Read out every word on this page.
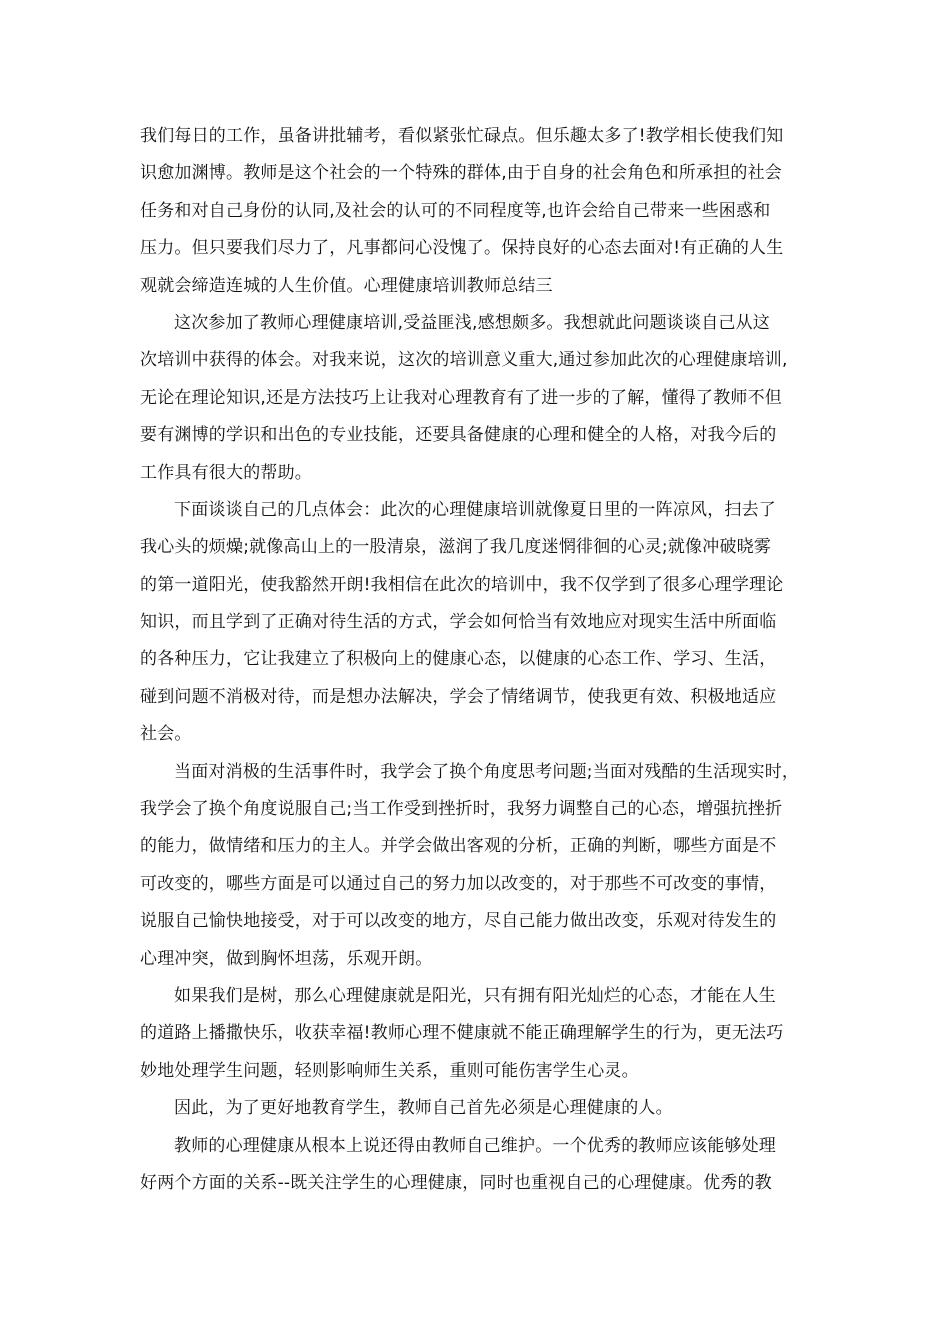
我们每日的工作，虽备讲批辅考，看似紧张忙碌点。但乐趣太多了!教学相长使我们知
识愈加渊博。教师是这个社会的一个特殊的群体,由于自身的社会角色和所承担的社会
任务和对自己身份的认同,及社会的认可的不同程度等,也许会给自己带来一些困惑和
压力。但只要我们尽力了，凡事都问心没愧了。保持良好的心态去面对!有正确的人生
观就会缔造连城的人生价值。心理健康培训教师总结三
这次参加了教师心理健康培训,受益匪浅,感想颇多。我想就此问题谈谈自己从这
次培训中获得的体会。对我来说，这次的培训意义重大,通过参加此次的心理健康培训,
无论在理论知识,还是方法技巧上让我对心理教育有了进一步的了解，懂得了教师不但
要有渊博的学识和出色的专业技能，还要具备健康的心理和健全的人格，对我今后的
工作具有很大的帮助。
下面谈谈自己的几点体会：此次的心理健康培训就像夏日里的一阵凉风，扫去了
我心头的烦燥;就像高山上的一股清泉，滋润了我几度迷惘徘徊的心灵;就像冲破晓雾
的第一道阳光，使我豁然开朗!我相信在此次的培训中，我不仅学到了很多心理学理论
知识，而且学到了正确对待生活的方式，学会如何恰当有效地应对现实生活中所面临
的各种压力，它让我建立了积极向上的健康心态，以健康的心态工作、学习、生活，
碰到问题不消极对待，而是想办法解决，学会了情绪调节，使我更有效、积极地适应
社会。
当面对消极的生活事件时，我学会了换个角度思考问题;当面对残酷的生活现实时，
我学会了换个角度说服自己;当工作受到挫折时，我努力调整自己的心态，增强抗挫折
的能力，做情绪和压力的主人。并学会做出客观的分析，正确的判断，哪些方面是不
可改变的，哪些方面是可以通过自己的努力加以改变的，对于那些不可改变的事情，
说服自己愉快地接受，对于可以改变的地方，尽自己能力做出改变，乐观对待发生的
心理冲突，做到胸怀坦荡，乐观开朗。
如果我们是树，那么心理健康就是阳光，只有拥有阳光灿烂的心态，才能在人生
的道路上播撒快乐，收获幸福!教师心理不健康就不能正确理解学生的行为，更无法巧
妙地处理学生问题，轻则影响师生关系，重则可能伤害学生心灵。
因此，为了更好地教育学生，教师自己首先必须是心理健康的人。
教师的心理健康从根本上说还得由教师自己维护。一个优秀的教师应该能够处理
好两个方面的关系--既关注学生的心理健康，同时也重视自己的心理健康。优秀的教
